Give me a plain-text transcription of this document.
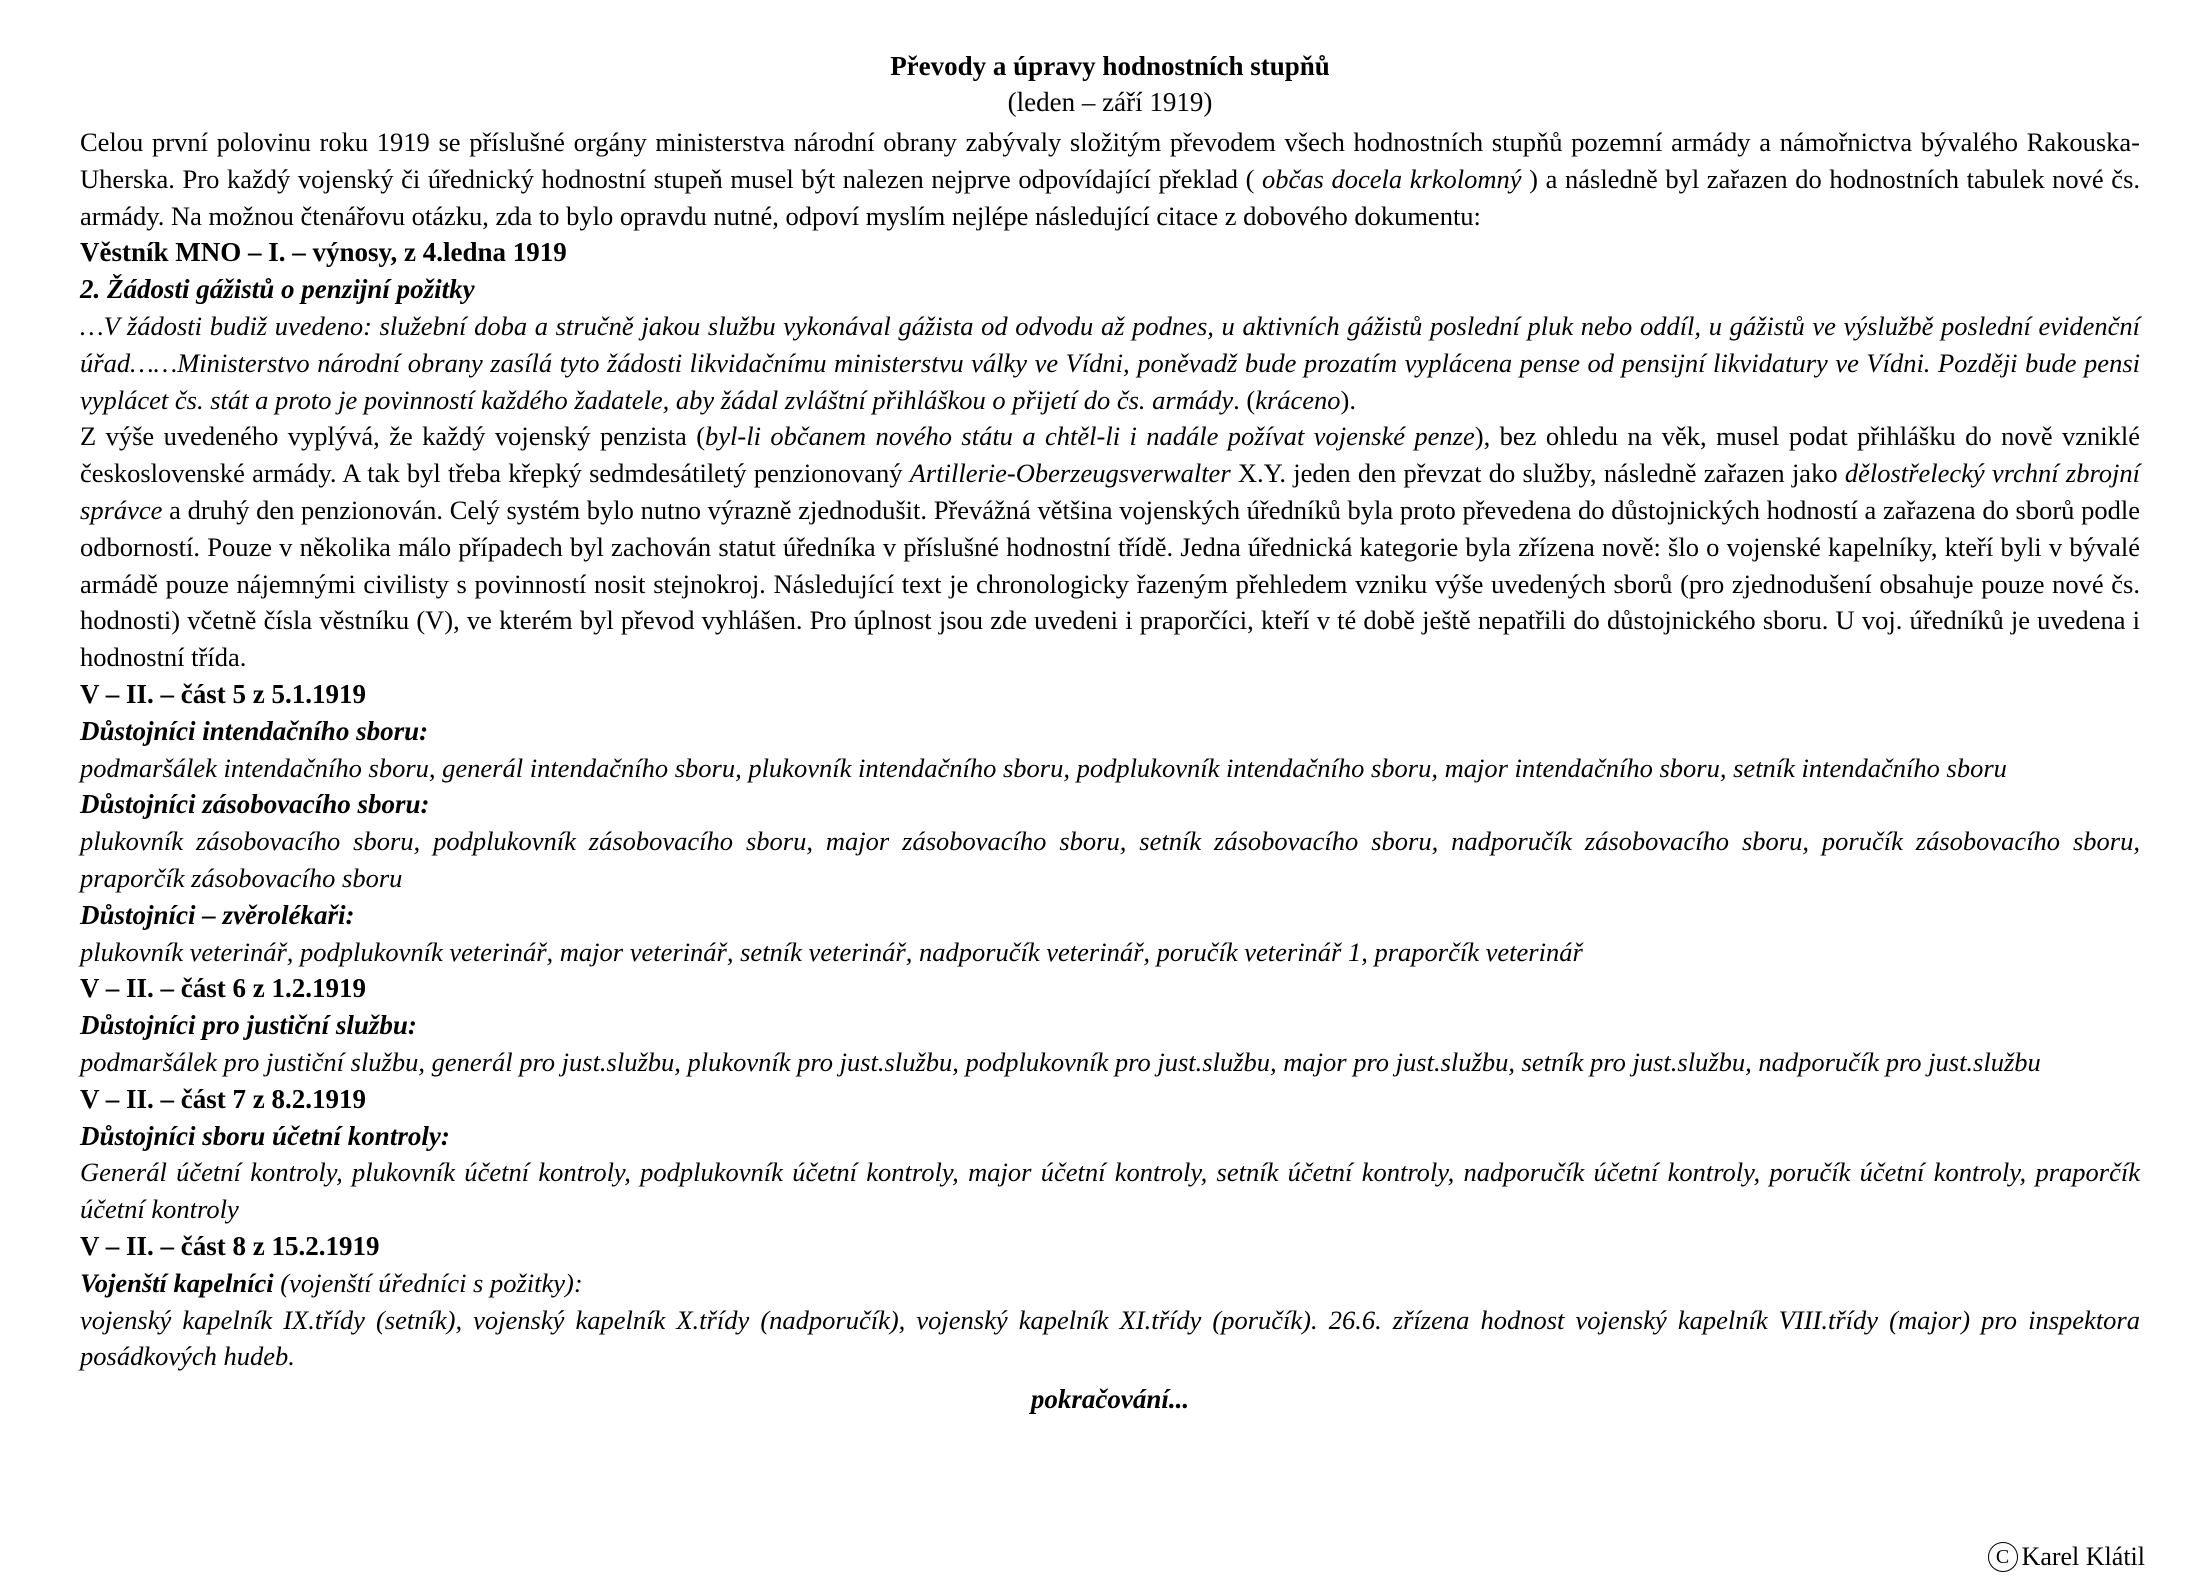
Převody a úpravy hodnostních stupňů
(leden – září 1919)

Celou první polovinu roku 1919 se příslušné orgány ministerstva národní obrany zabývaly složitým převodem všech hodnostních stupňů pozemní armády a námořnictva bývalého Rakouska-Uherska. Pro každý vojenský či úřednický hodnostní stupeň musel být nalezen nejprve odpovídající překlad ( občas docela krkolomný ) a následně byl zařazen do hodnostních tabulek nové čs. armády. Na možnou čtenářovu otázku, zda to bylo opravdu nutné, odpoví myslím nejlépe následující citace z dobového dokumentu:

Věstník MNO – I. – výnosy, z 4.ledna 1919

2. Žádosti gážistů o penzijní požitky

…V žádosti budiž uvedeno: služební doba a stručně jakou službu vykonával gážista od odvodu až podnes, u aktivních gážistů poslední pluk nebo oddíl, u gážistů ve výslužbě poslední evidenční úřad……Ministerstvo národní obrany zasílá tyto žádosti likvidačnímu ministerstvu války ve Vídni, poněvadž bude prozatím vyplácena pense od pensijní likvidatury ve Vídni. Později bude pensi vyplácet čs. stát a proto je povinností každého žadatele, aby žádal zvláštní přihláškou o přijetí do čs. armády. (kráceno).

Z výše uvedeného vyplývá, že každý vojenský penzista (byl-li občanem nového státu a chtěl-li i nadále požívat vojenské penze), bez ohledu na věk, musel podat přihlášku do nově vzniklé československé armády. A tak byl třeba křepký sedmdesátiletý penzionovaný Artillerie-Oberzeugsverwalter X.Y. jeden den převzat do služby, následně zařazen jako dělostřelecký vrchní zbrojní správce a druhý den penzionován. Celý systém bylo nutno výrazně zjednodušit. Převážná většina vojenských úředníků byla proto převedena do důstojnických hodností a zařazena do sborů podle odborností. Pouze v několika málo případech byl zachován statut úředníka v příslušné hodnostní třídě. Jedna úřednická kategorie byla zřízena nově: šlo o vojenské kapelníky, kteří byli v bývalé armádě pouze nájemnými civilisty s povinností nosit stejnokroj. Následující text je chronologicky řazeným přehledem vzniku výše uvedených sborů (pro zjednodušení obsahuje pouze nové čs. hodnosti) včetně čísla věstníku (V), ve kterém byl převod vyhlášen. Pro úplnost jsou zde uvedeni i praporčíci, kteří v té době ještě nepatřili do důstojnického sboru. U voj. úředníků je uvedena i hodnostní třída.

V – II. – část 5 z 5.1.1919

Důstojníci intendačního sboru:

podmaršálek intendačního sboru, generál intendačního sboru, plukovník intendačního sboru, podplukovník intendačního sboru, major intendačního sboru, setník intendačního sboru

Důstojníci zásobovacího sboru:

plukovník zásobovacího sboru, podplukovník zásobovacího sboru, major zásobovacího sboru, setník zásobovacího sboru, nadporučík zásobovacího sboru, poručík zásobovacího sboru, praporčík zásobovacího sboru

Důstojníci – zvěrolékaři:

plukovník veterinář, podplukovník veterinář, major veterinář, setník veterinář, nadporučík veterinář, poručík veterinář 1, praporčík veterinář

V – II. – část 6 z 1.2.1919

Důstojníci pro justiční službu:

podmaršálek pro justiční službu, generál pro just.službu, plukovník pro just.službu, podplukovník pro just.službu, major pro just.službu, setník pro just.službu, nadporučík pro just.službu

V – II. – část 7 z 8.2.1919

Důstojníci sboru účetní kontroly:

Generál účetní kontroly, plukovník účetní kontroly, podplukovník účetní kontroly, major účetní kontroly, setník účetní kontroly, nadporučík účetní kontroly, poručík účetní kontroly, praporčík účetní kontroly

V – II. – část 8 z 15.2.1919

Vojenští kapelníci (vojenští úředníci s požitky):

vojenský kapelník IX.třídy (setník), vojenský kapelník X.třídy (nadporučík), vojenský kapelník XI.třídy (poručík). 26.6. zřízena hodnost vojenský kapelník VIII.třídy (major) pro inspektora posádkových hudeb.

pokračování...
C Karel Klátil
